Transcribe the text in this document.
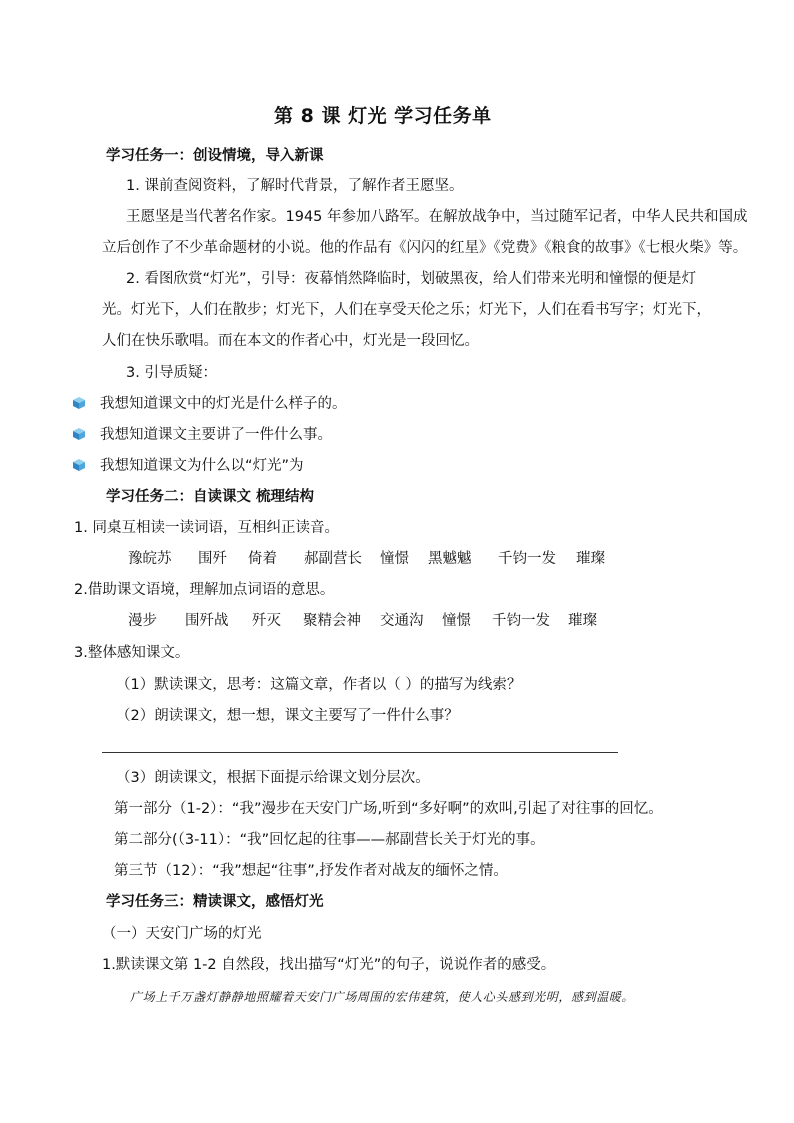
第 8 课 灯光 学习任务单
学习任务一：创设情境，导入新课
1. 课前查阅资料，了解时代背景，了解作者王愿坚。
王愿坚是当代著名作家。1945 年参加八路军。在解放战争中，当过随军记者，中华人民共和国成
立后创作了不少革命题材的小说。他的作品有《闪闪的红星》《党费》《粮食的故事》《七根火柴》等。
2. 看图欣赏“灯光”，引导：夜幕悄然降临时，划破黑夜，给人们带来光明和憧憬的便是灯
光。灯光下，人们在散步；灯光下，人们在享受天伦之乐；灯光下，人们在看书写字；灯光下，
人们在快乐歌唱。而在本文的作者心中，灯光是一段回忆。
3. 引导质疑：
我想知道课文中的灯光是什么样子的。
我想知道课文主要讲了一件什么事。
我想知道课文为什么以“灯光”为
学习任务二：自读课文 梳理结构
1. 同桌互相读一读词语，互相纠正读音。
豫皖苏 围歼 倚着 郝副营长 憧憬 黑魆魆 千钧一发 璀璨
2.借助课文语境，理解加点词语的意思。
漫步 围歼战 歼灭 聚精会神 交通沟 憧憬 千钧一发 璀璨
3.整体感知课文。
（1）默读课文，思考：这篇文章，作者以（ ）的描写为线索？
（2）朗读课文，想一想，课文主要写了一件什么事？
（3）朗读课文，根据下面提示给课文划分层次。
第一部分（1-2）：“我”漫步在天安门广场,听到“多好啊”的欢叫,引起了对往事的回忆。
第二部分(（3-11）：“我”回忆起的往事——郝副营长关于灯光的事。
第三节（12）：“我”想起“往事”,抒发作者对战友的缅怀之情。
学习任务三：精读课文，感悟灯光
（一）天安门广场的灯光
1.默读课文第 1-2 自然段，找出描写“灯光”的句子，说说作者的感受。
广场上千万盏灯静静地照耀着天安门广场周围的宏伟建筑，使人心头感到光明，感到温暖。
